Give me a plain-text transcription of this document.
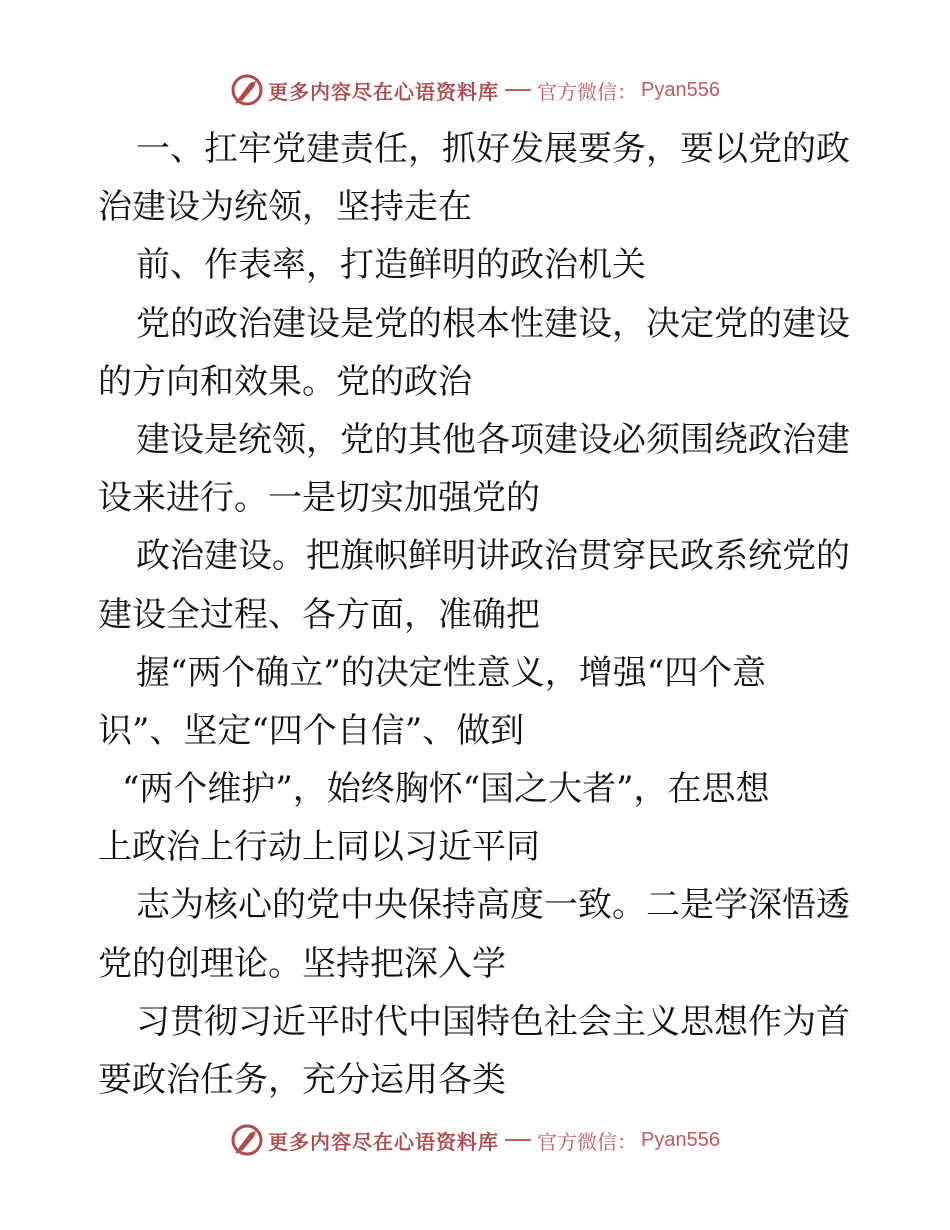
更多内容尽在心语资料库 官方微信： Pyan556
一、扛牢党建责任，抓好发展要务，要以党的政
治建设为统领，坚持走在
前、作表率，打造鲜明的政治机关
党的政治建设是党的根本性建设，决定党的建设
的方向和效果。党的政治
建设是统领，党的其他各项建设必须围绕政治建
设来进行。一是切实加强党的
政治建设。把旗帜鲜明讲政治贯穿民政系统党的
建设全过程、各方面，准确把
握“两个确立”的决定性意义，增强“四个意
识”、坚定“四个自信”、做到
“两个维护”，始终胸怀“国之大者”，在思想
上政治上行动上同以习近平同
志为核心的党中央保持高度一致。二是学深悟透
党的创理论。坚持把深入学
习贯彻习近平时代中国特色社会主义思想作为首
要政治任务，充分运用各类
更多内容尽在心语资料库 官方微信： Pyan556
